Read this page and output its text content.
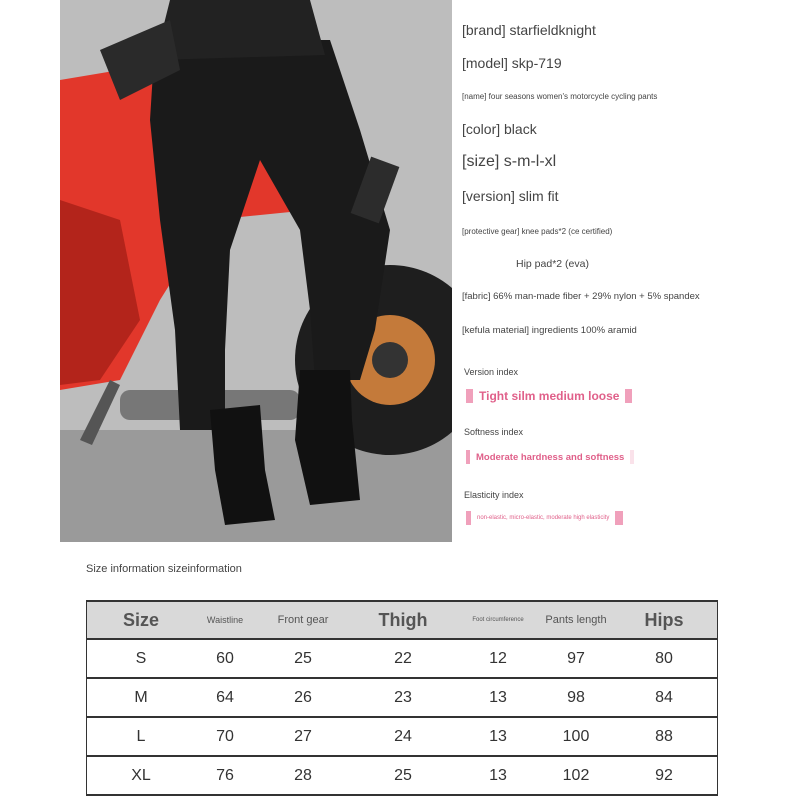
[brand] starfieldknight
[model] skp-719
[name] four seasons women's motorcycle cycling pants
[color] black
[size] s-m-l-xl
[version] slim fit
[protective gear] knee pads*2 (ce certified)
Hip pad*2 (eva)
[fabric] 66% man-made fiber + 29% nylon + 5% spandex
[kefula material] ingredients 100% aramid
Version index
Tight silm medium loose
Softness index
Moderate hardness and softness
Elasticity index
non-elastic, micro-elastic, moderate high elasticity
Size information sizeinformation
Size	Waistline	Front gear	Thigh	Foot circumference	Pants length	Hips
S	60	25	22	12	97	80
M	64	26	23	13	98	84
L	70	27	24	13	100	88
XL	76	28	25	13	102	92
